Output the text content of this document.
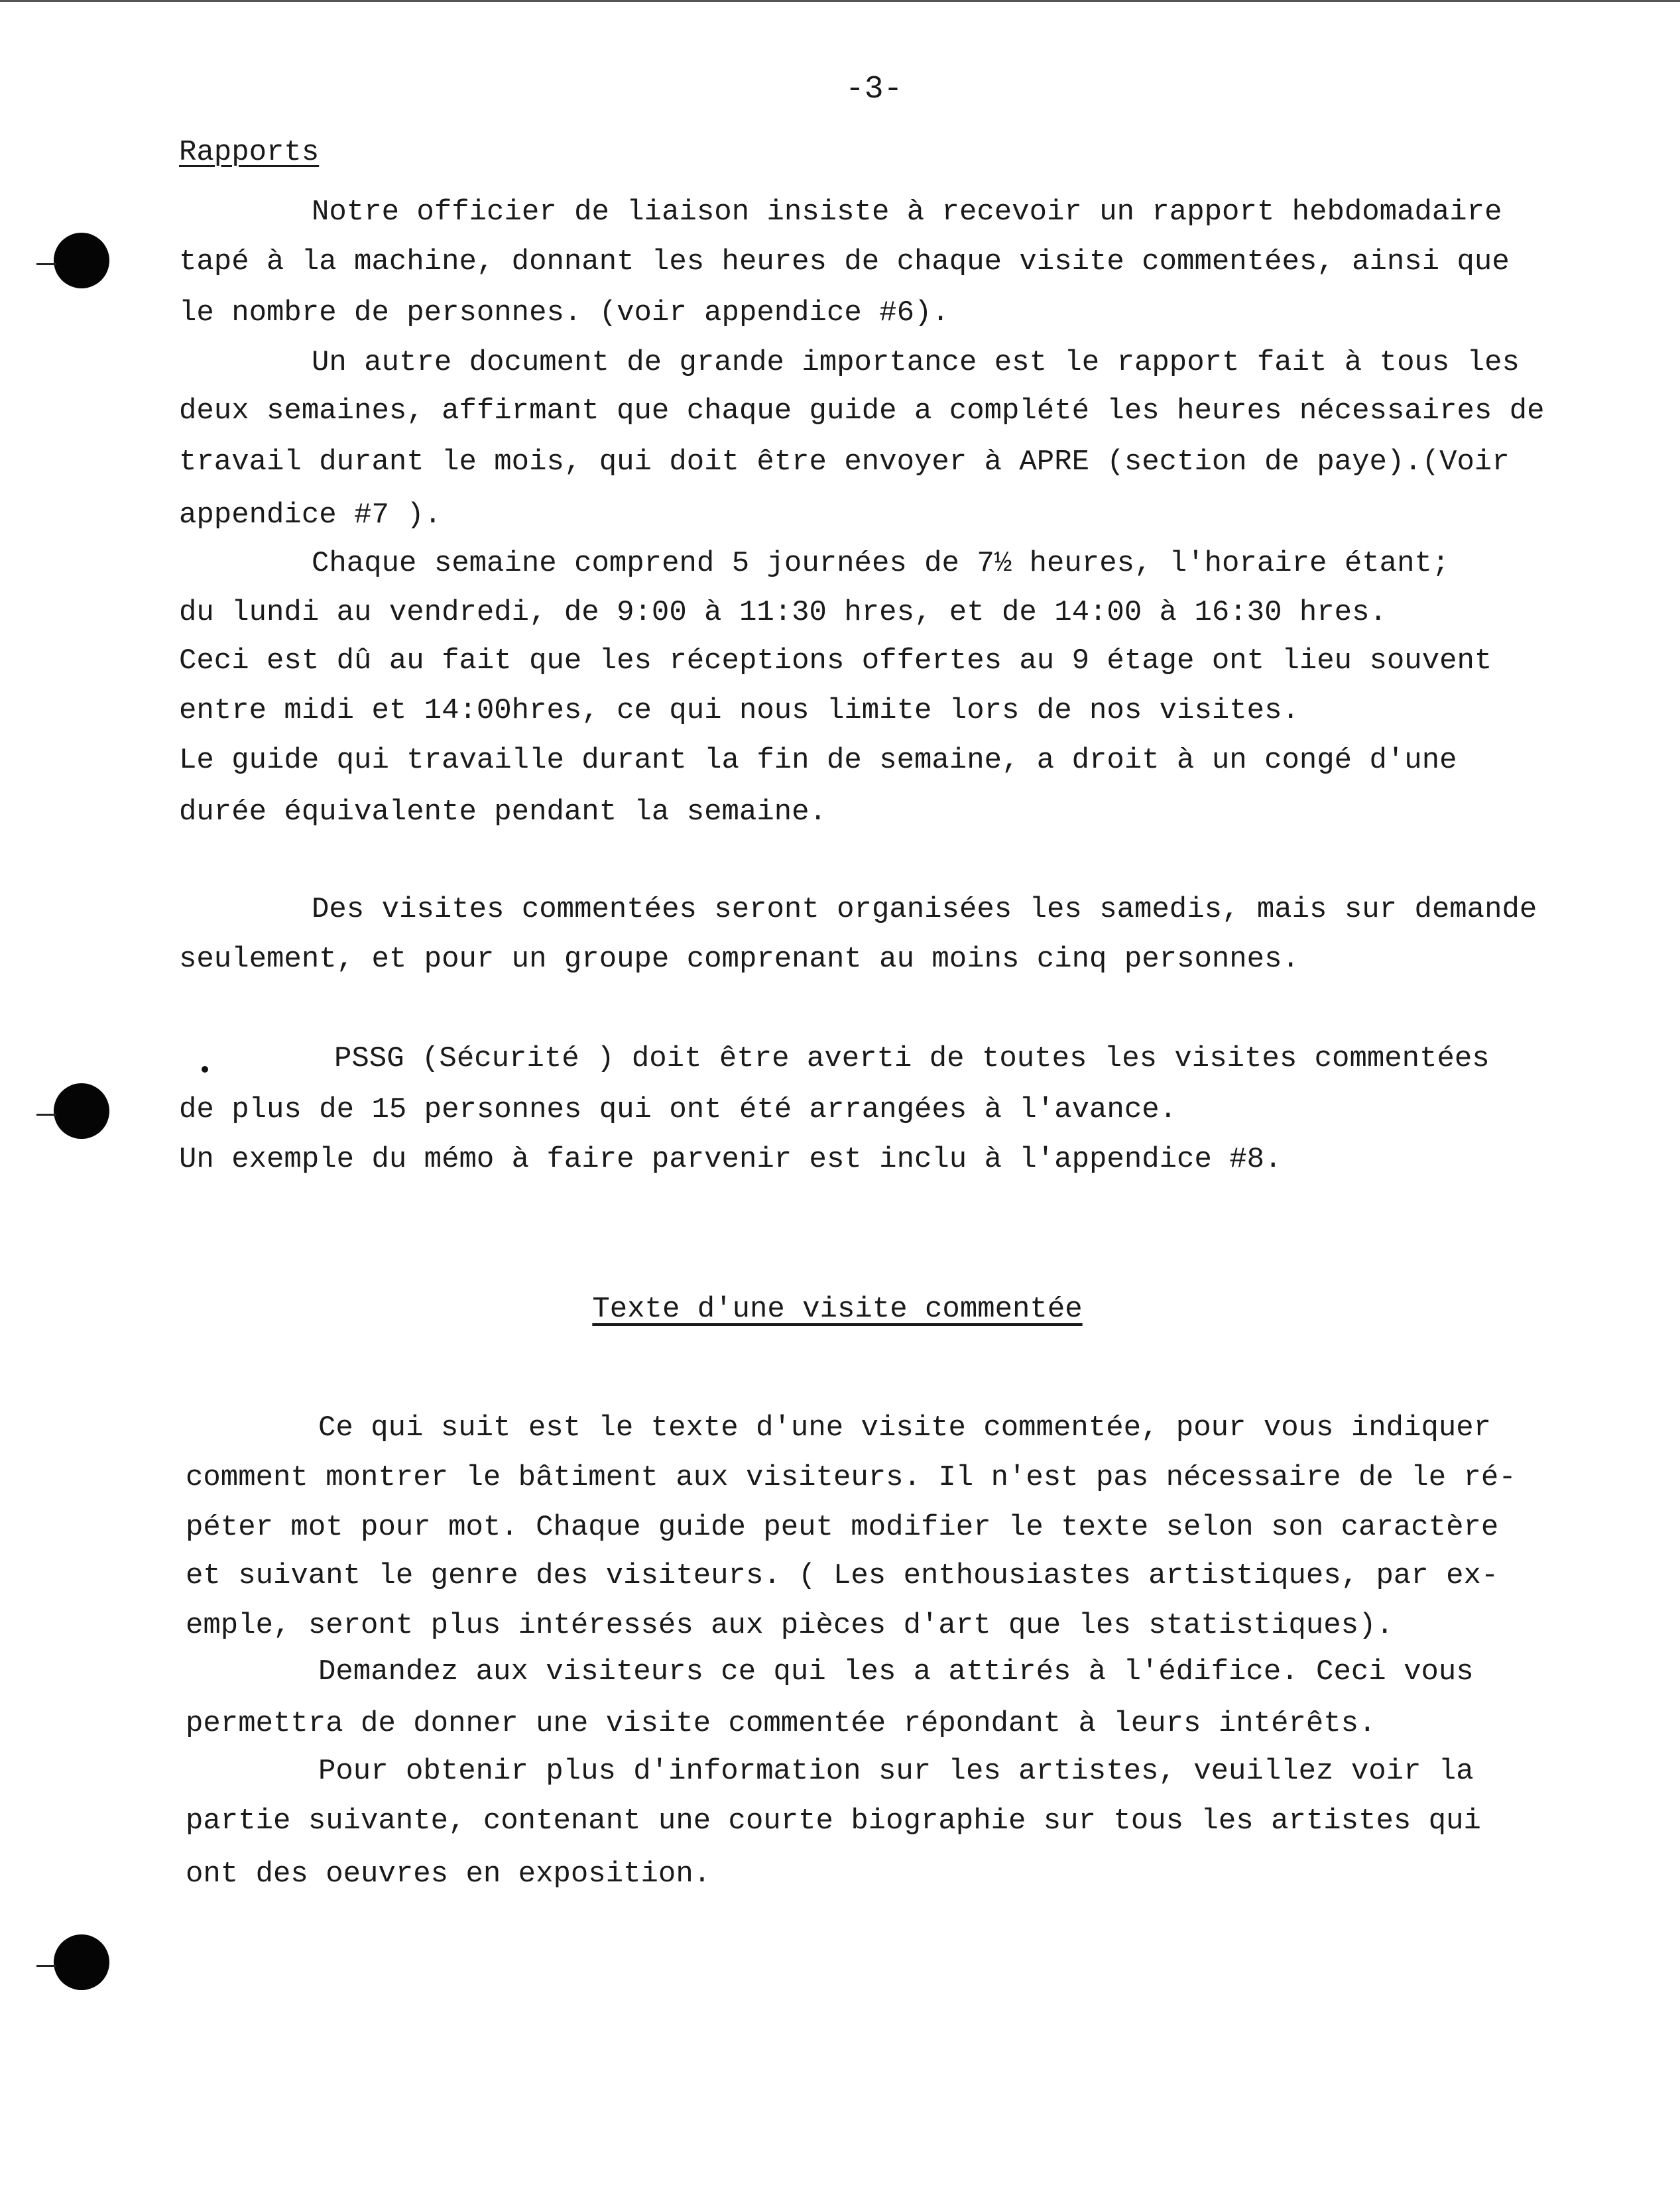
-3-
Rapports
Notre officier de liaison insiste à recevoir un rapport hebdomadaire
tapé à la machine, donnant les heures de chaque visite commentées, ainsi que
le nombre de personnes. (voir appendice #6).
Un autre document de grande importance est le rapport fait à tous les
deux semaines, affirmant que chaque guide a complété les heures nécessaires de
travail durant le mois, qui doit être envoyer à APRE (section de paye).(Voir
appendice #7 ).
Chaque semaine comprend 5 journées de 7½ heures, l'horaire étant;
du lundi au vendredi, de 9:00 à 11:30 hres, et de 14:00 à 16:30 hres.
Ceci est dû au fait que les réceptions offertes au 9 étage ont lieu souvent
entre midi et 14:00hres, ce qui nous limite lors de nos visites.
Le guide qui travaille durant la fin de semaine, a droit à un congé d'une
durée équivalente pendant la semaine.
Des visites commentées seront organisées les samedis, mais sur demande
seulement, et pour un groupe comprenant au moins cinq personnes.
PSSG (Sécurité ) doit être averti de toutes les visites commentées
de plus de 15 personnes qui ont été arrangées à l'avance.
Un exemple du mémo à faire parvenir est inclu à l'appendice #8.
Texte d'une visite commentée
Ce qui suit est le texte d'une visite commentée, pour vous indiquer
comment montrer le bâtiment aux visiteurs. Il n'est pas nécessaire de le ré-
péter mot pour mot. Chaque guide peut modifier le texte selon son caractère
et suivant le genre des visiteurs. ( Les enthousiastes artistiques, par ex-
emple, seront plus intéressés aux pièces d'art que les statistiques).
Demandez aux visiteurs ce qui les a attirés à l'édifice. Ceci vous
permettra de donner une visite commentée répondant à leurs intérêts.
Pour obtenir plus d'information sur les artistes, veuillez voir la
partie suivante, contenant une courte biographie sur tous les artistes qui
ont des oeuvres en exposition.
